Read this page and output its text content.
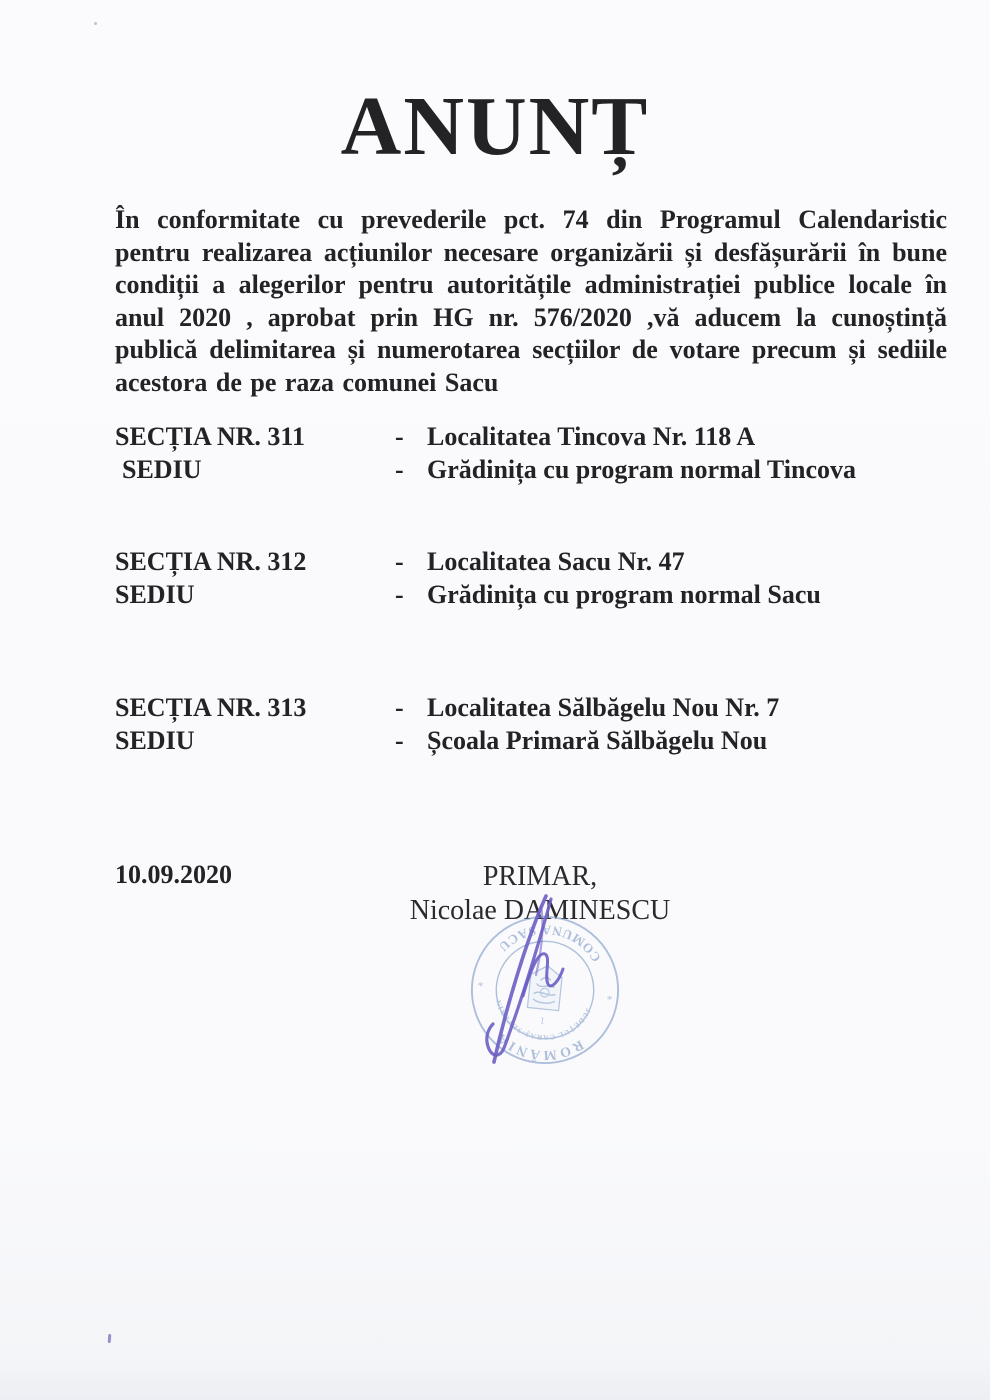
ANUNȚ
În conformitate cu prevederile pct. 74 din Programul Calendaristic pentru realizarea acțiunilor necesare organizării și desfășurării în bune condiții a alegerilor pentru autoritățile administrației publice locale în anul 2020 , aprobat prin HG nr. 576/2020 ,vă aducem la cunoștință publică delimitarea și numerotarea secțiilor de votare precum și sediile acestora de pe raza comunei Sacu
SECȚIA NR. 311	- Localitatea Tincova Nr. 118 A
SEDIU	- Grădinița cu program normal Tincova
SECȚIA NR. 312	- Localitatea Sacu Nr. 47
SEDIU	- Grădinița cu program normal Sacu
SECȚIA NR. 313	- Localitatea Sălbăgelu Nou Nr. 7
SEDIU	- Școala Primară Sălbăgelu Nou
10.09.2020	PRIMAR,
Nicolae DAMINESCU
ROMÂNIA
COMUNA SACU
JUDEȚUL CARAȘ-SEVERIN
*
*
1
